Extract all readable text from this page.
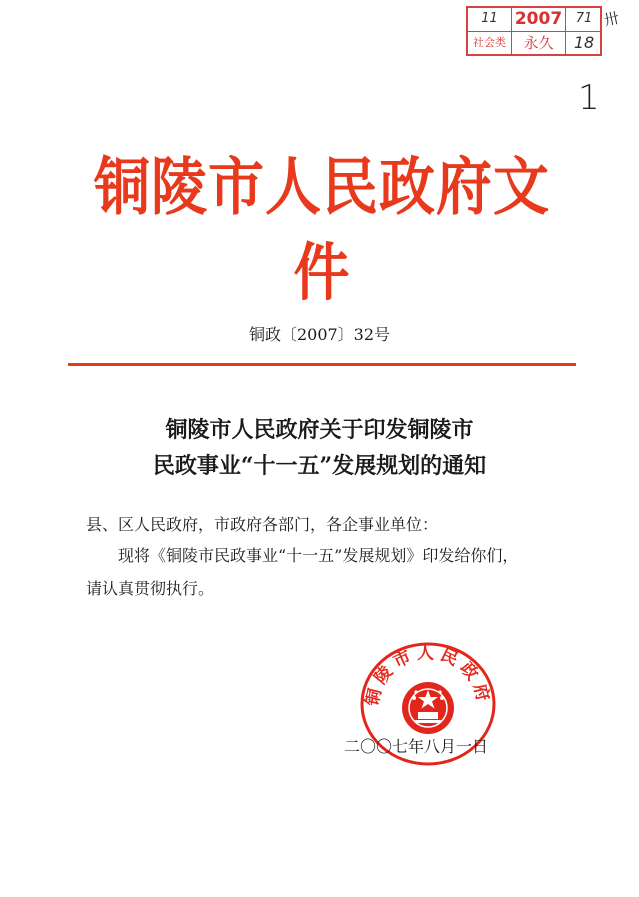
11	2007	71
社会类	永久	18
卅
1
铜陵市人民政府文件
铜政〔2007〕32号
铜陵市人民政府关于印发铜陵市
民政事业“十一五”发展规划的通知
县、区人民政府，市政府各部门，各企事业单位：
现将《铜陵市民政事业“十一五”发展规划》印发给你们，
请认真贯彻执行。
铜陵市人民政府
二〇〇七年八月一日
